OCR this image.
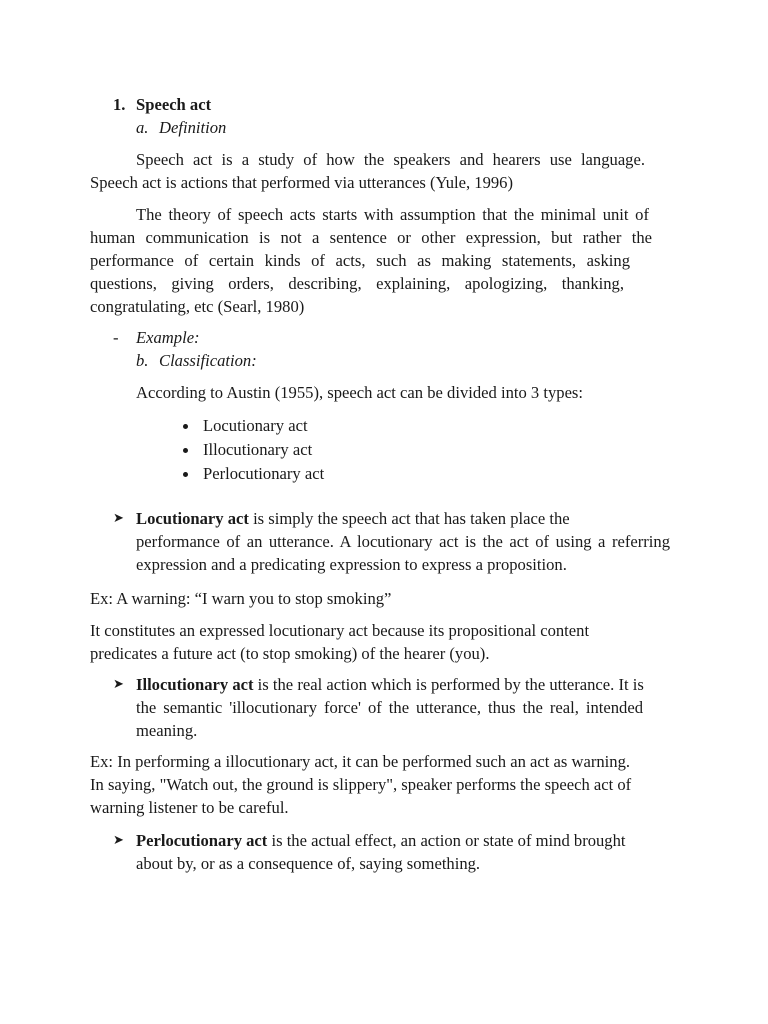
1. Speech act
a. Definition
Speech act is a study of how the speakers and hearers use language.
Speech act is actions that performed via utterances (Yule, 1996)
The theory of speech acts starts with assumption that the minimal unit of
human communication is not a sentence or other expression, but rather the
performance of certain kinds of acts, such as making statements, asking
questions, giving orders, describing, explaining, apologizing, thanking,
congratulating, etc (Searl, 1980)
- Example:
b. Classification:
According to Austin (1955), speech act can be divided into 3 types:
Locutionary act
Illocutionary act
Perlocutionary act
➤ Locutionary act is simply the speech act that has taken place the
performance of an utterance. A locutionary act is the act of using a referring
expression and a predicating expression to express a proposition.
Ex: A warning: “I warn you to stop smoking”
It constitutes an expressed locutionary act because its propositional content
predicates a future act (to stop smoking) of the hearer (you).
➤ Illocutionary act is the real action which is performed by the utterance. It is
the semantic 'illocutionary force' of the utterance, thus the real, intended
meaning.
Ex: In performing a illocutionary act, it can be performed such an act as warning.
In saying, "Watch out, the ground is slippery", speaker performs the speech act of
warning listener to be careful.
➤ Perlocutionary act is the actual effect, an action or state of mind brought
about by, or as a consequence of, saying something.
